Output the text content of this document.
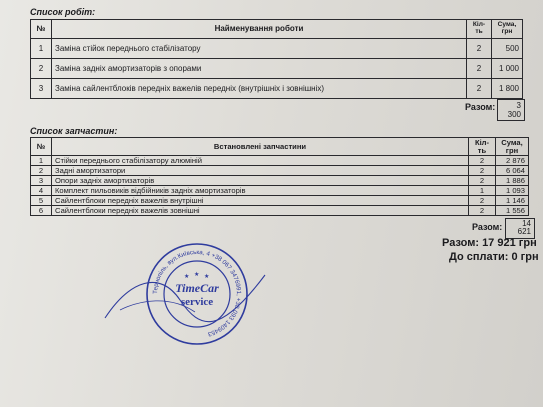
Список робіт:
№	Найменування роботи	Кіл-ть	Сума, грн
1	Заміна стійок переднього стабілізатору	2	500
2	Заміна задніх амортизаторів з опорами	2	1 000
3	Заміна сайлентблоків передніх важелів передніх (внутрішніх і зовнішніх)	2	1 800
Разом:	3 300
Список запчастин:
№	Встановлені запчастини	Кіл-ть	Сума, грн
1	Стійки переднього стабілізатору алюміній	2	2 876
2	Задні амортизатори	2	6 064
3	Опори задніх амортизаторів	2	1 886
4	Комплект пильовиків відбійників задніх амортизаторів	1	1 093
5	Сайлентблоки передніх важелів внутрішні	2	1 146
6	Сайлентблоки передніх важелів зовнішні	2	1 556
Разом:	14
621
Разом: 17 921 грн
До сплати: 0 грн
Тернопіль, вул.Київська, 4 +38 067 3476991, +38 093 1409453
TimeCar
service
★ ★ ★
